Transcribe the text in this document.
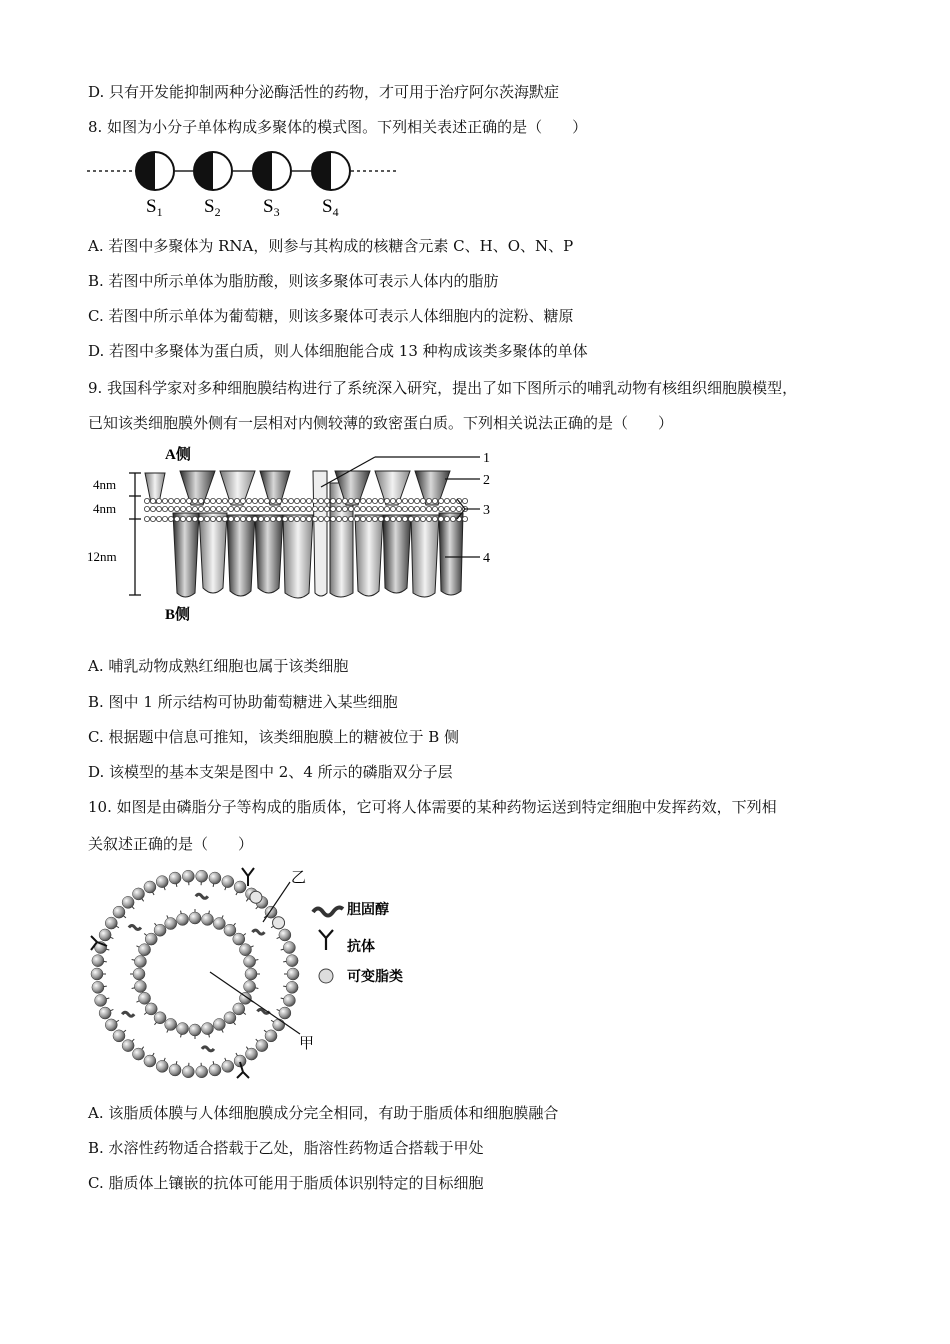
D. 只有开发能抑制两种分泌酶活性的药物，才可用于治疗阿尔茨海默症
8. 如图为小分子单体构成多聚体的模式图。下列相关表述正确的是（　　）
$S_1$ $S_2$ $S_3$ $S_4$
A. 若图中多聚体为 RNA，则参与其构成的核糖含元素 C、H、O、N、P
B. 若图中所示单体为脂肪酸，则该多聚体可表示人体内的脂肪
C. 若图中所示单体为葡萄糖，则该多聚体可表示人体细胞内的淀粉、糖原
D. 若图中多聚体为蛋白质，则人体细胞能合成 13 种构成该类多聚体的单体
9. 我国科学家对多种细胞膜结构进行了系统深入研究，提出了如下图所示的哺乳动物有核组织细胞膜模型，
已知该类细胞膜外侧有一层相对内侧较薄的致密蛋白质。下列相关说法正确的是（　　）
A侧
B侧
4nm
4nm
12nm
1
2
3
4
A. 哺乳动物成熟红细胞也属于该类细胞
B. 图中 1 所示结构可协助葡萄糖进入某些细胞
C. 根据题中信息可推知，该类细胞膜上的糖被位于 B 侧
D. 该模型的基本支架是图中 2、4 所示的磷脂双分子层
10. 如图是由磷脂分子等构成的脂质体，它可将人体需要的某种药物运送到特定细胞中发挥药效，下列相
关叙述正确的是（　　）
乙
甲
胆固醇
抗体
可变脂类
A. 该脂质体膜与人体细胞膜成分完全相同，有助于脂质体和细胞膜融合
B. 水溶性药物适合搭载于乙处，脂溶性药物适合搭载于甲处
C. 脂质体上镶嵌的抗体可能用于脂质体识别特定的目标细胞
